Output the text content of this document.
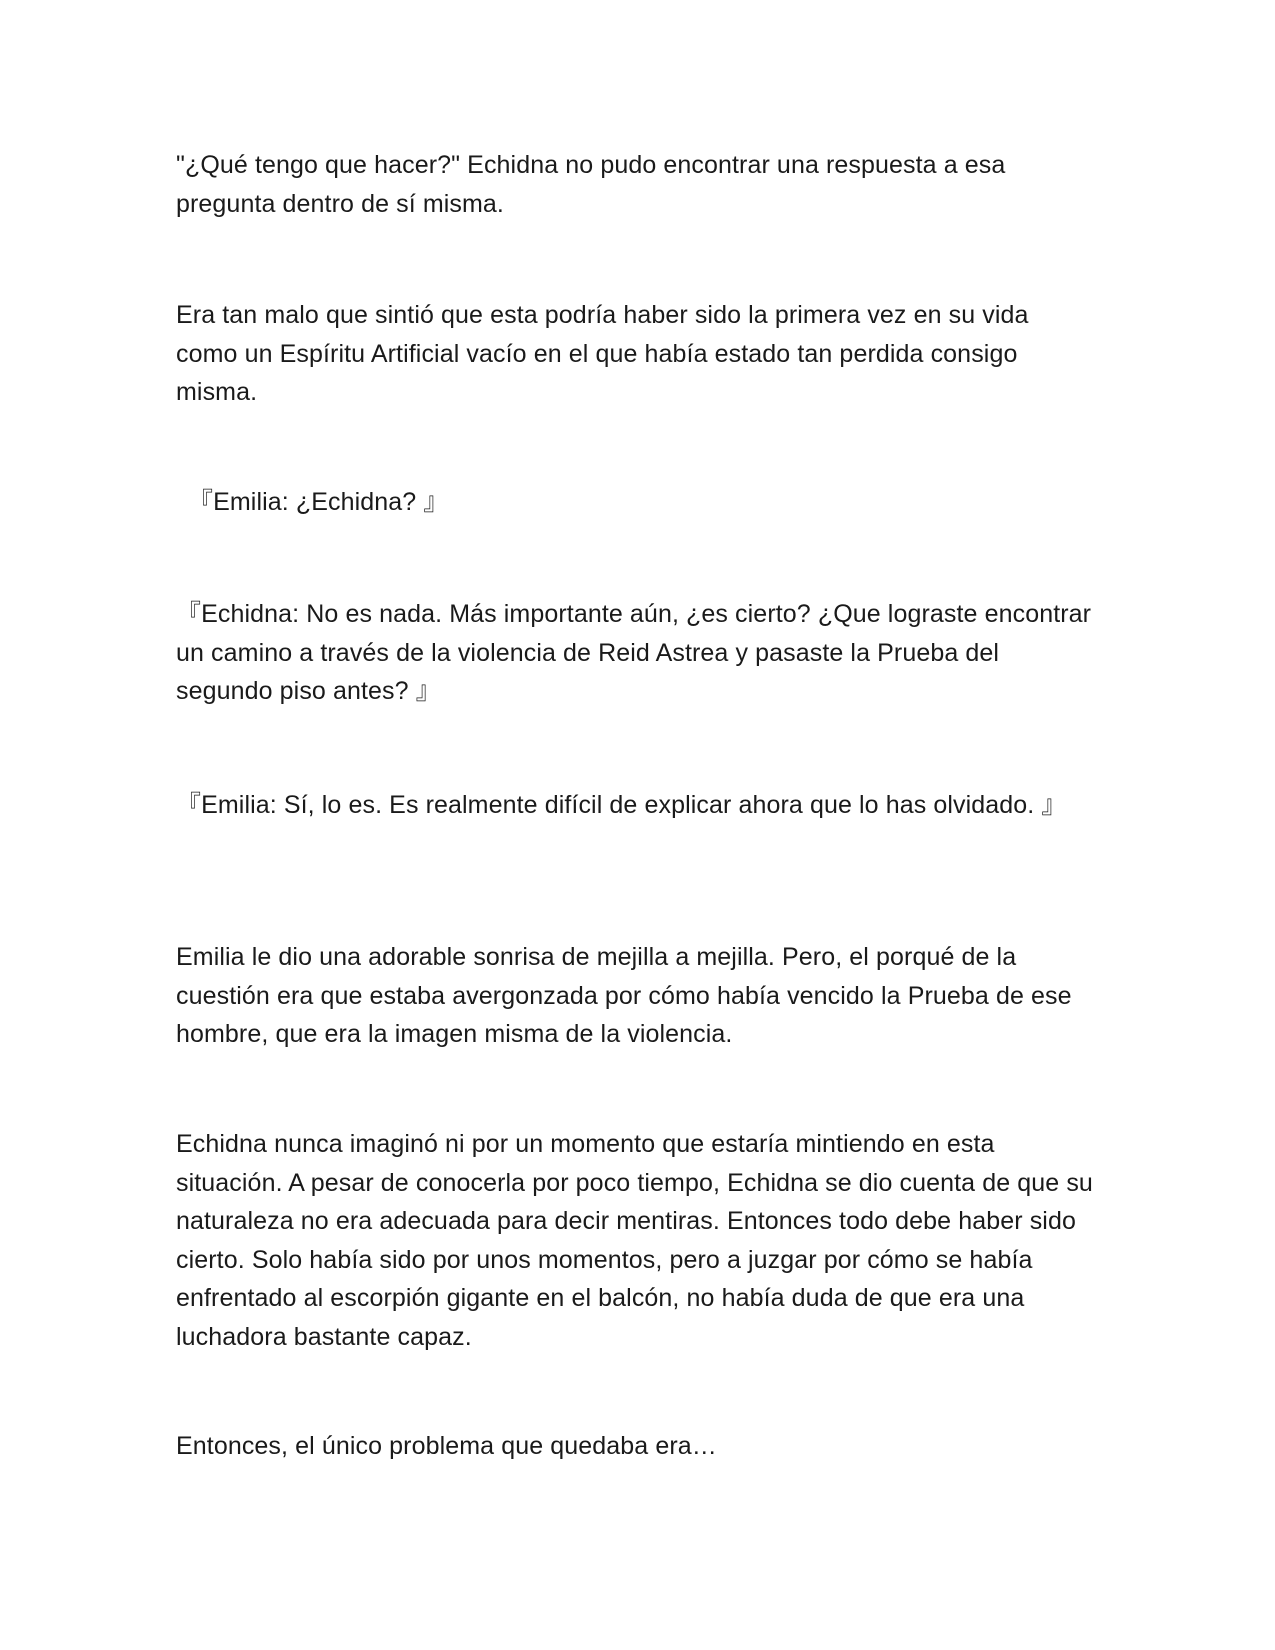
"¿Qué tengo que hacer?" Echidna no pudo encontrar una respuesta a esa pregunta dentro de sí misma.

Era tan malo que sintió que esta podría haber sido la primera vez en su vida como un Espíritu Artificial vacío en el que había estado tan perdida consigo misma.

『Emilia: ¿Echidna? 』

『Echidna: No es nada. Más importante aún, ¿es cierto? ¿Que lograste encontrar un camino a través de la violencia de Reid Astrea y pasaste la Prueba del segundo piso antes? 』

『Emilia: Sí, lo es. Es realmente difícil de explicar ahora que lo has olvidado. 』

Emilia le dio una adorable sonrisa de mejilla a mejilla. Pero, el porqué de la cuestión era que estaba avergonzada por cómo había vencido la Prueba de ese hombre, que era la imagen misma de la violencia.

Echidna nunca imaginó ni por un momento que estaría mintiendo en esta situación. A pesar de conocerla por poco tiempo, Echidna se dio cuenta de que su naturaleza no era adecuada para decir mentiras. Entonces todo debe haber sido cierto. Solo había sido por unos momentos, pero a juzgar por cómo se había enfrentado al escorpión gigante en el balcón, no había duda de que era una luchadora bastante capaz.

Entonces, el único problema que quedaba era…
